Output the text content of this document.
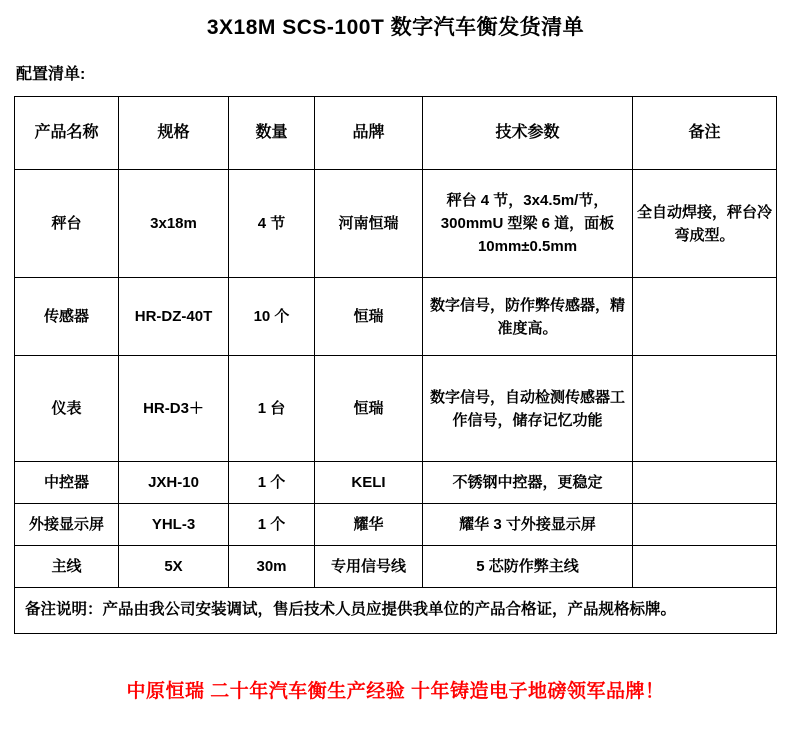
3X18M SCS-100T 数字汽车衡发货清单
配置清单:
产品名称	规格	数量	品牌	技术参数	备注
秤台	3x18m	4 节	河南恒瑞	秤台 4 节，3x4.5m/节，300mmU 型梁 6 道，面板 10mm±0.5mm	全自动焊接，秤台冷弯成型。
传感器	HR-DZ-40T	10 个	恒瑞	数字信号，防作弊传感器，精准度高。	
仪表	HR-D3＋	1 台	恒瑞	数字信号，自动检测传感器工作信号，储存记忆功能	
中控器	JXH-10	1 个	KELI	不锈钢中控器，更稳定	
外接显示屏	YHL-3	1 个	耀华	耀华 3 寸外接显示屏	
主线	5X	30m	专用信号线	5 芯防作弊主线	
备注说明：产品由我公司安装调试，售后技术人员应提供我单位的产品合格证，产品规格标牌。					
中原恒瑞 二十年汽车衡生产经验 十年铸造电子地磅领军品牌！
